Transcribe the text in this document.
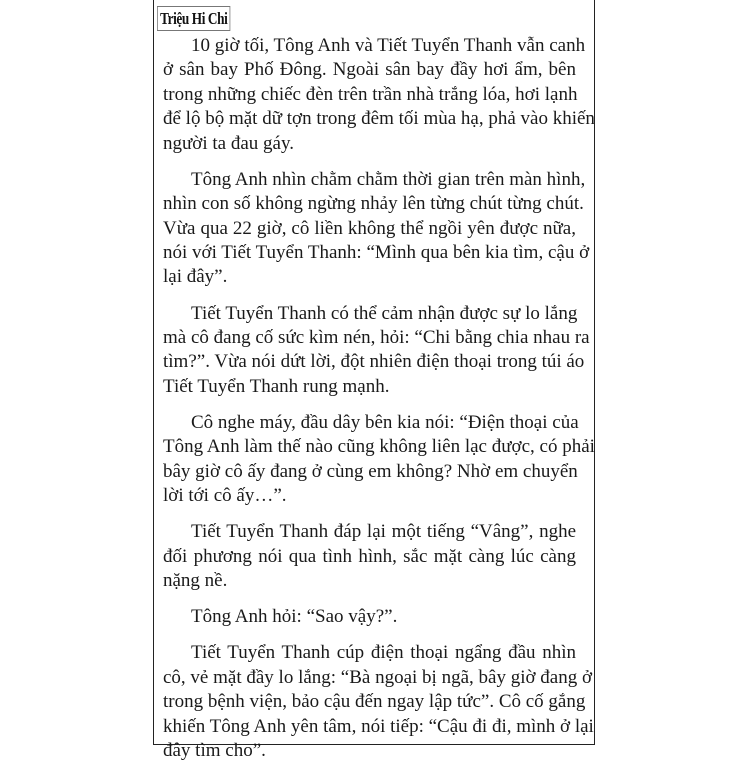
Triệu Hi Chi
10 giờ tối, Tông Anh và Tiết Tuyển Thanh vẫn canh
ở sân bay Phố Đông. Ngoài sân bay đầy hơi ẩm, bên
trong những chiếc đèn trên trần nhà trắng lóa, hơi lạnh
để lộ bộ mặt dữ tợn trong đêm tối mùa hạ, phả vào khiến
người ta đau gáy.
Tông Anh nhìn chằm chằm thời gian trên màn hình,
nhìn con số không ngừng nhảy lên từng chút từng chút.
Vừa qua 22 giờ, cô liền không thể ngồi yên được nữa,
nói với Tiết Tuyển Thanh: “Mình qua bên kia tìm, cậu ở
lại đây”.
Tiết Tuyển Thanh có thể cảm nhận được sự lo lắng
mà cô đang cố sức kìm nén, hỏi: “Chi bằng chia nhau ra
tìm?”. Vừa nói dứt lời, đột nhiên điện thoại trong túi áo
Tiết Tuyển Thanh rung mạnh.
Cô nghe máy, đầu dây bên kia nói: “Điện thoại của
Tông Anh làm thế nào cũng không liên lạc được, có phải
bây giờ cô ấy đang ở cùng em không? Nhờ em chuyển
lời tới cô ấy…”.
Tiết Tuyển Thanh đáp lại một tiếng “Vâng”, nghe
đối phương nói qua tình hình, sắc mặt càng lúc càng
nặng nề.
Tông Anh hỏi: “Sao vậy?”.
Tiết Tuyển Thanh cúp điện thoại ngẩng đầu nhìn
cô, vẻ mặt đầy lo lắng: “Bà ngoại bị ngã, bây giờ đang ở
trong bệnh viện, bảo cậu đến ngay lập tức”. Cô cố gắng
khiến Tông Anh yên tâm, nói tiếp: “Cậu đi đi, mình ở lại
đây tìm cho”.
